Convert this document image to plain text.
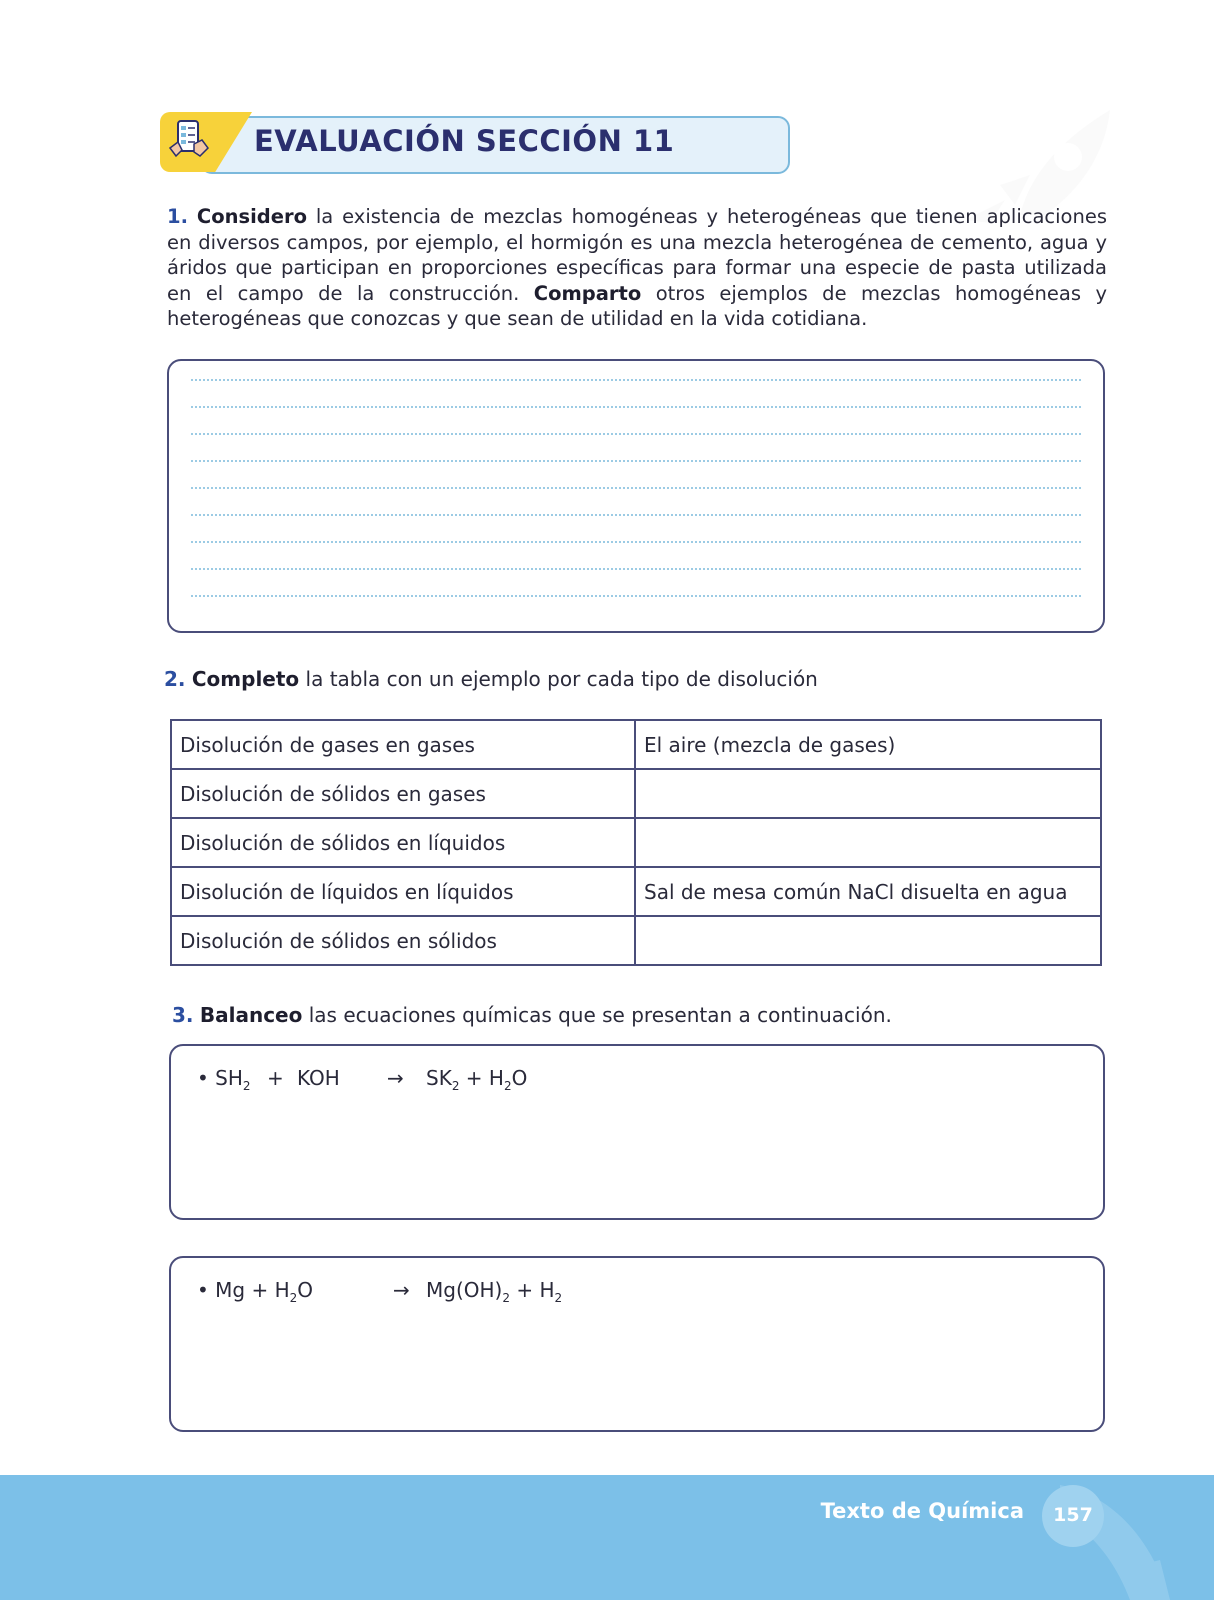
EVALUACIÓN SECCIÓN 11

1. Considero la existencia de mezclas homogéneas y heterogéneas que tienen aplicaciones en diversos campos, por ejemplo, el hormigón es una mezcla heterogénea de cemento, agua y áridos que participan en proporciones específicas para formar una especie de pasta utilizada en el campo de la construcción. Comparto otros ejemplos de mezclas homogéneas y heterogéneas que conozcas y que sean de utilidad en la vida cotidiana.

2. Completo la tabla con un ejemplo por cada tipo de disolución

Disolución de gases en gases	El aire (mezcla de gases)
Disolución de sólidos en gases	
Disolución de sólidos en líquidos	
Disolución de líquidos en líquidos	Sal de mesa común NaCl disuelta en agua
Disolución de sólidos en sólidos	

3. Balanceo las ecuaciones químicas que se presentan a continuación.

• $SH_2$ + KOH → $SK_2 + H_2O$
• $Mg + H_2O$	→ $Mg(OH)_2 + H_2$
Texto de Química	157
